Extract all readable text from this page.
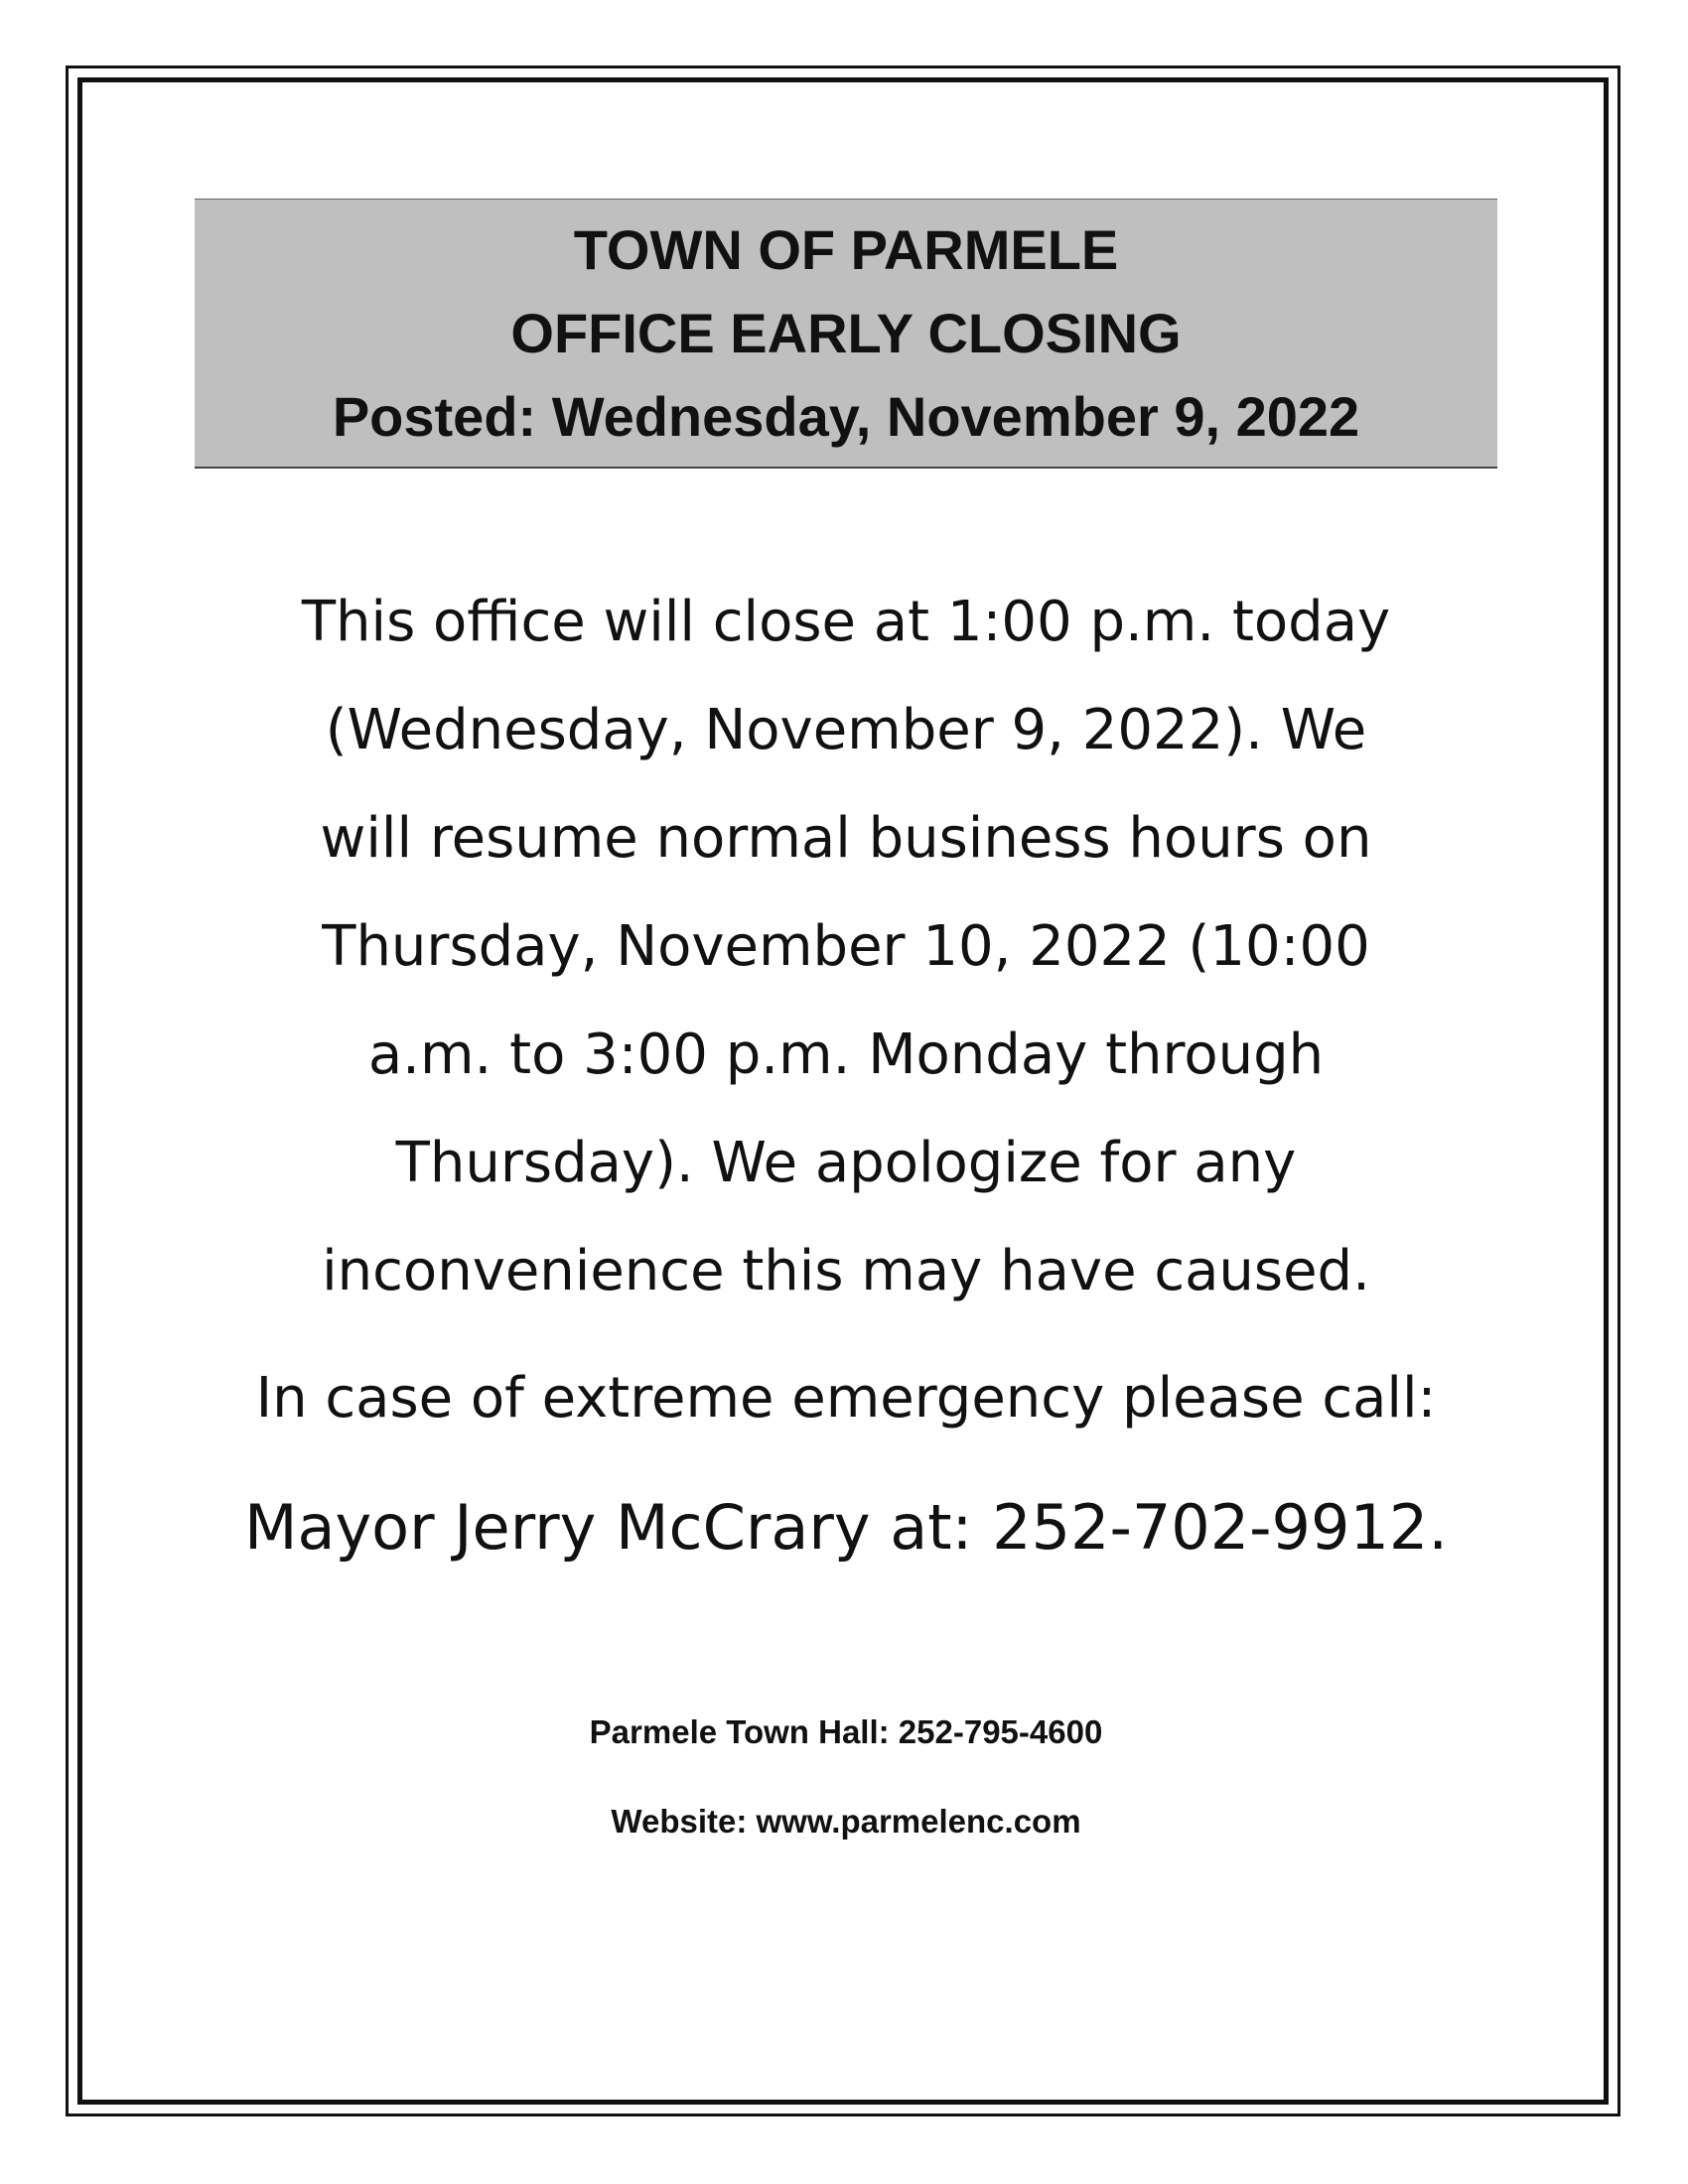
TOWN OF PARMELE
OFFICE EARLY CLOSING
Posted: Wednesday, November 9, 2022

This office will close at 1:00 p.m. today

(Wednesday, November 9, 2022). We

will resume normal business hours on

Thursday, November 10, 2022 (10:00

a.m. to 3:00 p.m. Monday through

Thursday). We apologize for any

inconvenience this may have caused.

In case of extreme emergency please call:
Mayor Jerry McCrary at: 252-702-9912.
Parmele Town Hall: 252-795-4600
Website: www.parmelenc.com
